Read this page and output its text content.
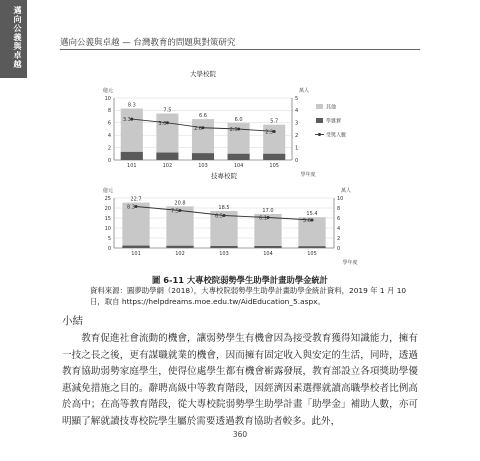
邁向公義與卓越	邁向公義與卓越 — 台灣教育的問題與對策研究
大學校院
億元	萬人
學年度
0
2
4
6
8
10
0
1
2
3
4
5
8.3
101
7.5
102
6.6
103
6.0
104
5.7
105
3.3
3.0
2.6	2.5	2.3
其他
學雜費
受獎人數
技專校院
億元	萬人
學年度
0
5
10
15
20
25
0
2
4
6
8
10
22.7
101
20.8
102
18.5
103
17.0
104
15.4
105
8.3
7.5
6.5	6.1	5.6
圖 6-11 大專校院弱勢學生助學計畫助學金統計
資料來源：圓夢助學網（2018），大專校院弱勢學生助學計畫助學金統計資料，2019 年 1 月 10 日，取自 https://helpdreams.moe.edu.tw/AidEducation_5.aspx。
小結
教育促進社會流動的機會，讓弱勢學生有機會因為接受教育獲得知識能力，擁有一技之長之後，更有謀職就業的機會，因而擁有固定收入與安定的生活，同時，透過教育協助弱勢家庭學生，使得位處學生都有機會嶄露發展，教育部設立各項獎助學優惠減免措施之目的。辭聘高級中等教育階段，因經濟因素選擇就讀高職學校者比例高於高中；在高等教育階段，從大專校院弱勢學生助學計畫「助學金」補助人數，亦可明顯了解就讀技專校院學生屬於需要透過教育協助者較多。此外，
360
